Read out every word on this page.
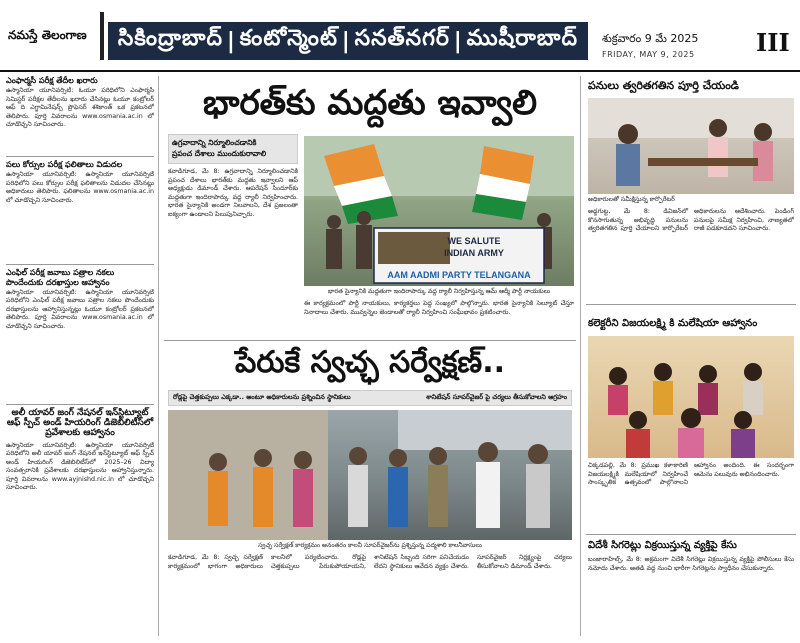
నమస్తే తెలంగాణ సికింద్రాబాద్ | కంటోన్మెంట్ | సనత్‌నగర్ | ముషీరాబాద్ శుక్రవారం 9 మే 2025
FRIDAY, MAY 9, 2025	III
ఎంఫార్మసీ పరీక్ష తేదీల ఖరారు
ఉస్మానియా యూనివర్సిటీ: ఓయూ పరిధిలోని ఎంఫార్మసీ సెమిస్టర్ పరీక్షల తేదీలను ఖరారు చేసినట్లు ఓయూ కంట్రోలర్ ఆఫ్ ది ఎగ్జామినేషన్స్ ప్రొఫెసర్ శశికాంత్ ఒక ప్రకటనలో తెలిపారు. పూర్తి వివరాలను www.osmania.ac.in లో చూడొచ్చని సూచించారు.
పలు కోర్సుల పరీక్ష ఫలితాలు విడుదల
ఉస్మానియా యూనివర్సిటీ: ఉస్మానియా యూనివర్సిటీ పరిధిలోని పలు కోర్సుల పరీక్ష ఫలితాలను విడుదల చేసినట్లు అధికారులు తెలిపారు. ఫలితాలను www.osmania.ac.in లో చూడొచ్చని సూచించారు.
ఎంఫిల్ పరీక్ష జవాబు పత్రాల నకలు పొందేందుకు దరఖాస్తుల ఆహ్వానం
ఉస్మానియా యూనివర్సిటీ: ఉస్మానియా యూనివర్సిటీ పరిధిలోని ఎంఫిల్ పరీక్ష జవాబు పత్రాల నకలు పొందేందుకు దరఖాస్తులను ఆహ్వానిస్తున్నట్లు ఓయూ కంట్రోలర్ ప్రకటనలో తెలిపారు. పూర్తి వివరాలను www.osmania.ac.in లో చూడొచ్చని సూచించారు.
అలీ యావర్ జంగ్ నేషనల్ ఇన్‌స్టిట్యూట్ ఆఫ్ స్పీచ్ అండ్ హియరింగ్ డిజెబిలిటీస్‌లో ప్రవేశాలకు ఆహ్వానం
ఉస్మానియా యూనివర్సిటీ: ఉస్మానియా యూనివర్సిటీ పరిధిలోని అలీ యావర్ జంగ్ నేషనల్ ఇన్‌స్టిట్యూట్ ఆఫ్ స్పీచ్ అండ్ హియరింగ్ డిజెబిలిటీస్‌లో 2025–26 విద్యా సంవత్సరానికి ప్రవేశాలకు దరఖాస్తులను ఆహ్వానిస్తున్నారు. పూర్తి వివరాలను www.ayjnishd.nic.in లో చూడొచ్చని సూచించారు.
భారత్‌కు మద్దతు ఇవ్వాలి
ఉగ్రవాదాన్ని నిర్మూలించడానికి
ప్రపంచ దేశాలు ముందుకురావాలి
కవాడిగూడ, మే 8: ఉగ్రవాదాన్ని నిర్మూలించడానికి ప్రపంచ దేశాలు భారత్‌కు మద్దతు ఇవ్వాలని ఆప్ అధ్యక్షుడు డిమాండ్ చేశారు. ఆపరేషన్ సిందూర్‌కు మద్దతుగా ఇందిరాపార్కు వద్ద ర్యాలీ నిర్వహించారు. భారత సైన్యానికి అండగా నిలవాలని, దేశ ప్రజలంతా ఐక్యంగా ఉండాలని పిలుపునిచ్చారు.
WE SALUTE
INDIAN ARMY
AAM AADMI PARTY TELANGANA
భారత సైన్యానికి మద్దతుగా ఇందిరాపార్కు వద్ద ర్యాలీ నిర్వహిస్తున్న ఆమ్ ఆద్మీ పార్టీ నాయకులు
ఈ కార్యక్రమంలో పార్టీ నాయకులు, కార్యకర్తలు పెద్ద సంఖ్యలో పాల్గొన్నారు. భారత సైన్యానికి సెల్యూట్ చేస్తూ నినాదాలు చేశారు. మువ్వన్నెల జెండాలతో ర్యాలీ నిర్వహించి సంఘీభావం ప్రకటించారు.
పేరుకే స్వచ్ఛ సర్వేక్షణ్..
రోడ్లపై చెత్తకుప్పలు ఎక్కడా.. అంటూ అధికారులను ప్రశ్నించిన స్థానికులు	శానిటేషన్ సూపర్‌వైజర్ పై చర్యలు తీసుకోవాలని ఆగ్రహం
స్వచ్ఛ సర్వేక్షణ్ కార్యక్రమం అనంతరం కాలనీ సూపర్‌వైజర్‌ను ప్రశ్నిస్తున్న పద్మశాలి కాలనీవాసులు
కవాడిగూడ, మే 8: స్వచ్ఛ సర్వేక్షణ్ కార్యక్రమంలో భాగంగా అధికారులు కాలనీలో పర్యటించారు. రోడ్లపై చెత్తకుప్పలు పేరుకుపోయాయని, శానిటేషన్ సిబ్బంది సరిగా పనిచేయడం లేదని స్థానికులు ఆవేదన వ్యక్తం చేశారు. సూపర్‌వైజర్ నిర్లక్ష్యంపై చర్యలు తీసుకోవాలని డిమాండ్ చేశారు.
పనులు త్వరితగతిన పూర్తి చేయండి
అధికారులతో సమీక్షిస్తున్న కార్పొరేటర్
అడ్డగుట్ట, మే 8: డివిజన్‌లో కొనసాగుతున్న అభివృద్ధి పనులను త్వరితగతిన పూర్తి చేయాలని కార్పొరేటర్ అధికారులను ఆదేశించారు. పెండింగ్ పనులపై సమీక్ష నిర్వహించి, నాణ్యతలో రాజీ పడకూడదని సూచించారు.
కలెక్టరీని విజయలక్ష్మి కి మలేషియా ఆహ్వానం
చిక్కడపల్లి, మే 8: ప్రముఖ కళాకారిణి విజయలక్ష్మికి మలేషియాలో నిర్వహించే సాంస్కృతిక ఉత్సవంలో పాల్గొనాలని ఆహ్వానం అందింది. ఈ సందర్భంగా ఆమెను పలువురు అభినందించారు.
విదేశీ సిగరెట్లు విక్రయిస్తున్న వ్యక్తిపై కేసు
బంజారాహిల్స్, మే 8: అక్రమంగా విదేశీ సిగరెట్లు విక్రయిస్తున్న వ్యక్తిపై పోలీసులు కేసు నమోదు చేశారు. అతడి వద్ద నుంచి భారీగా సిగరెట్లను స్వాధీనం చేసుకున్నారు.
